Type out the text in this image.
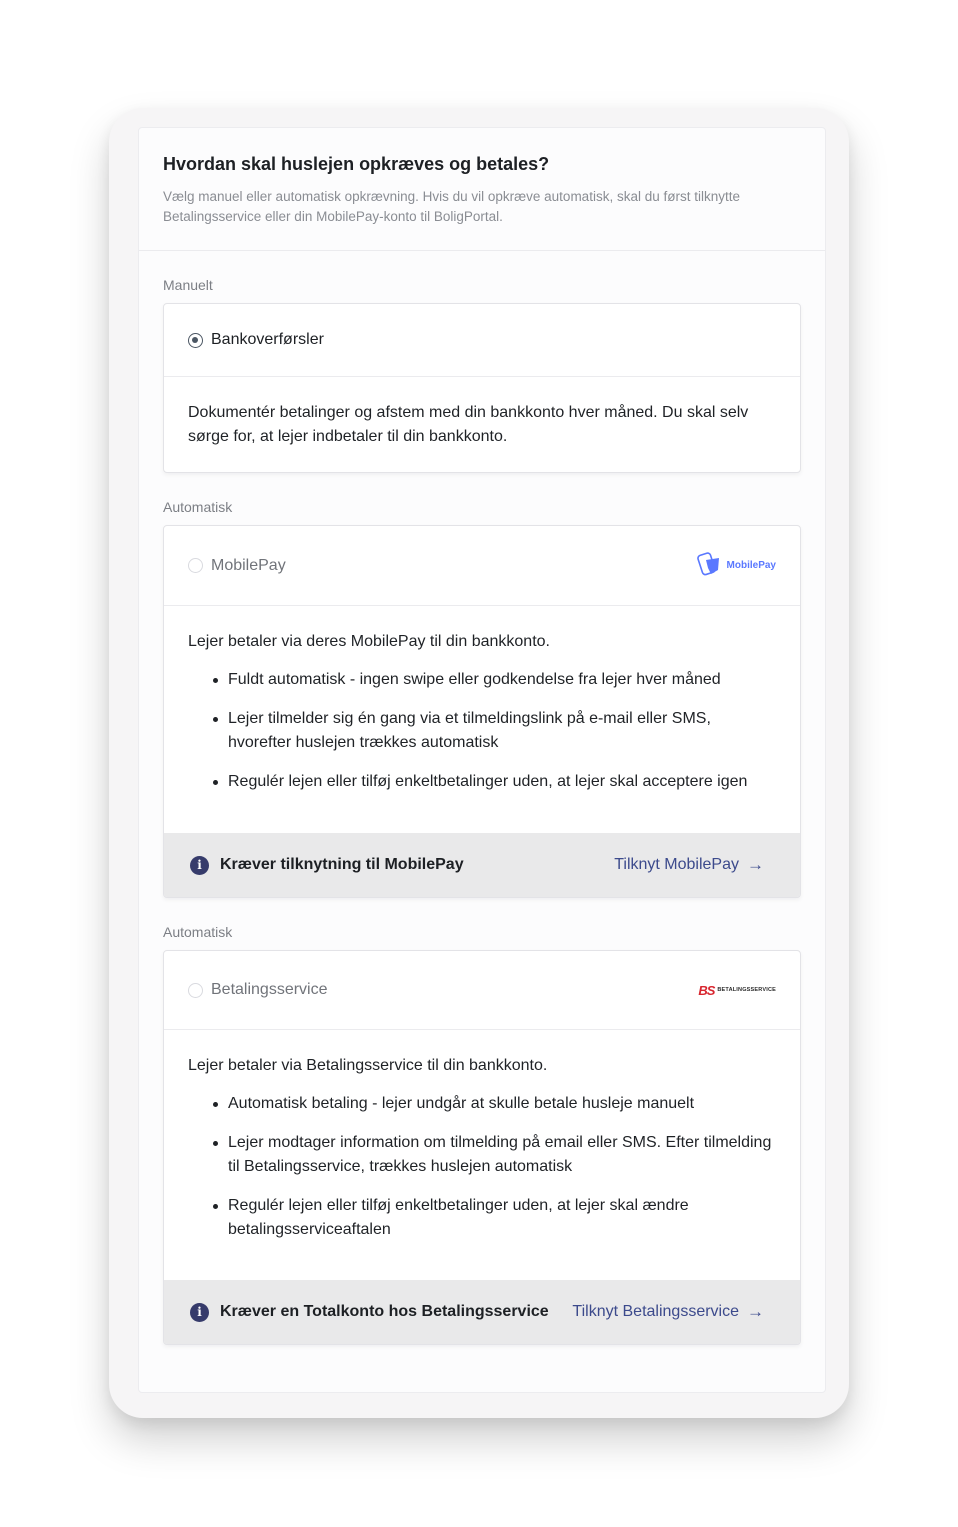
Hvordan skal huslejen opkræves og betales?

Vælg manuel eller automatisk opkrævning. Hvis du vil opkræve automatisk, skal du først tilknytte Betalingsservice eller din MobilePay-konto til BoligPortal.

Manuelt
Bankoverførsler

Dokumentér betalinger og afstem med din bankkonto hver måned. Du skal selv sørge for, at lejer indbetaler til din bankkonto.

Automatisk
MobilePay	MobilePay

Lejer betaler via deres MobilePay til din bankkonto.

Fuldt automatisk - ingen swipe eller godkendelse fra lejer hver måned
Lejer tilmelder sig én gang via et tilmeldingslink på e-mail eller SMS, hvorefter huslejen trækkes automatisk
Regulér lejen eller tilføj enkeltbetalinger uden, at lejer skal acceptere igen
i	Kræver tilknytning til MobilePay	Tilknyt MobilePay →
Automatisk
Betalingsservice	BS BETALINGSSERVICE

Lejer betaler via Betalingsservice til din bankkonto.

Automatisk betaling - lejer undgår at skulle betale husleje manuelt
Lejer modtager information om tilmelding på email eller SMS. Efter tilmelding til Betalingsservice, trækkes huslejen automatisk
Regulér lejen eller tilføj enkeltbetalinger uden, at lejer skal ændre betalingsserviceaftalen
i	Kræver en Totalkonto hos Betalingsservice Tilknyt Betalingsservice →
